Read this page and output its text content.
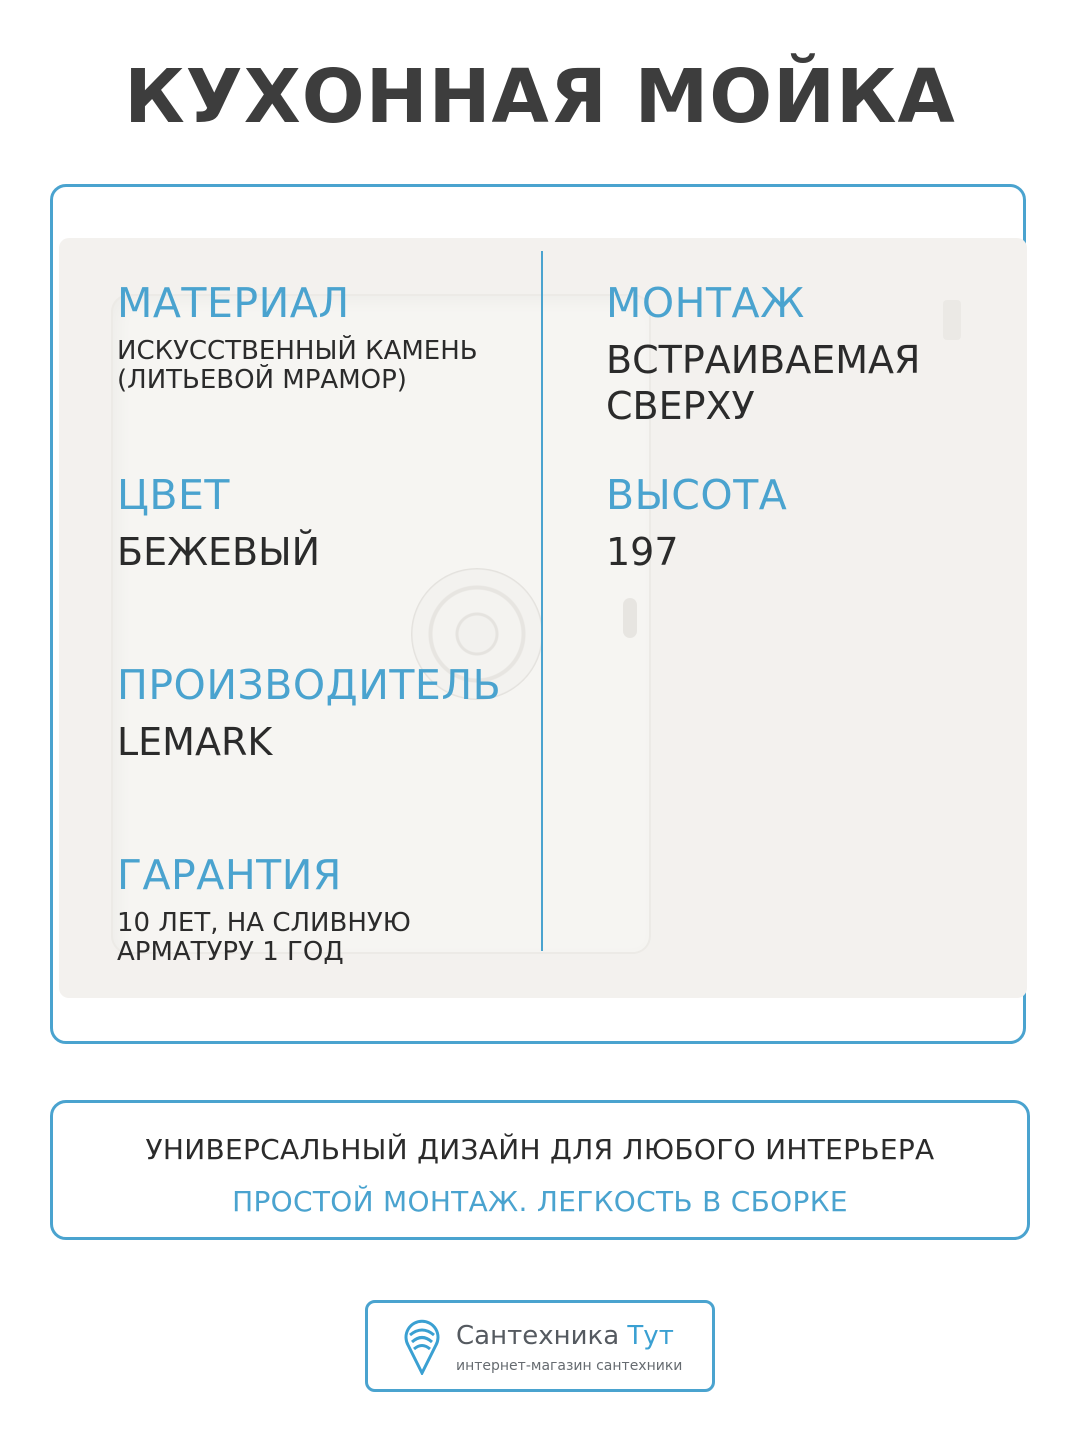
КУХОННАЯ МОЙКА
МАТЕРИАЛ
ИСКУССТВЕННЫЙ КАМЕНЬ (ЛИТЬЕВОЙ МРАМОР)
ЦВЕТ
БЕЖЕВЫЙ
ПРОИЗВОДИТЕЛЬ
LEMARK
ГАРАНТИЯ
10 ЛЕТ, НА СЛИВНУЮ АРМАТУРУ 1 ГОД
МОНТАЖ
ВСТРАИВАЕМАЯ СВЕРХУ
ВЫСОТА
197
УНИВЕРСАЛЬНЫЙ ДИЗАЙН ДЛЯ ЛЮБОГО ИНТЕРЬЕРА
ПРОСТОЙ МОНТАЖ. ЛЕГКОСТЬ В СБОРКЕ
Сантехника Тут
интернет-магазин сантехники
